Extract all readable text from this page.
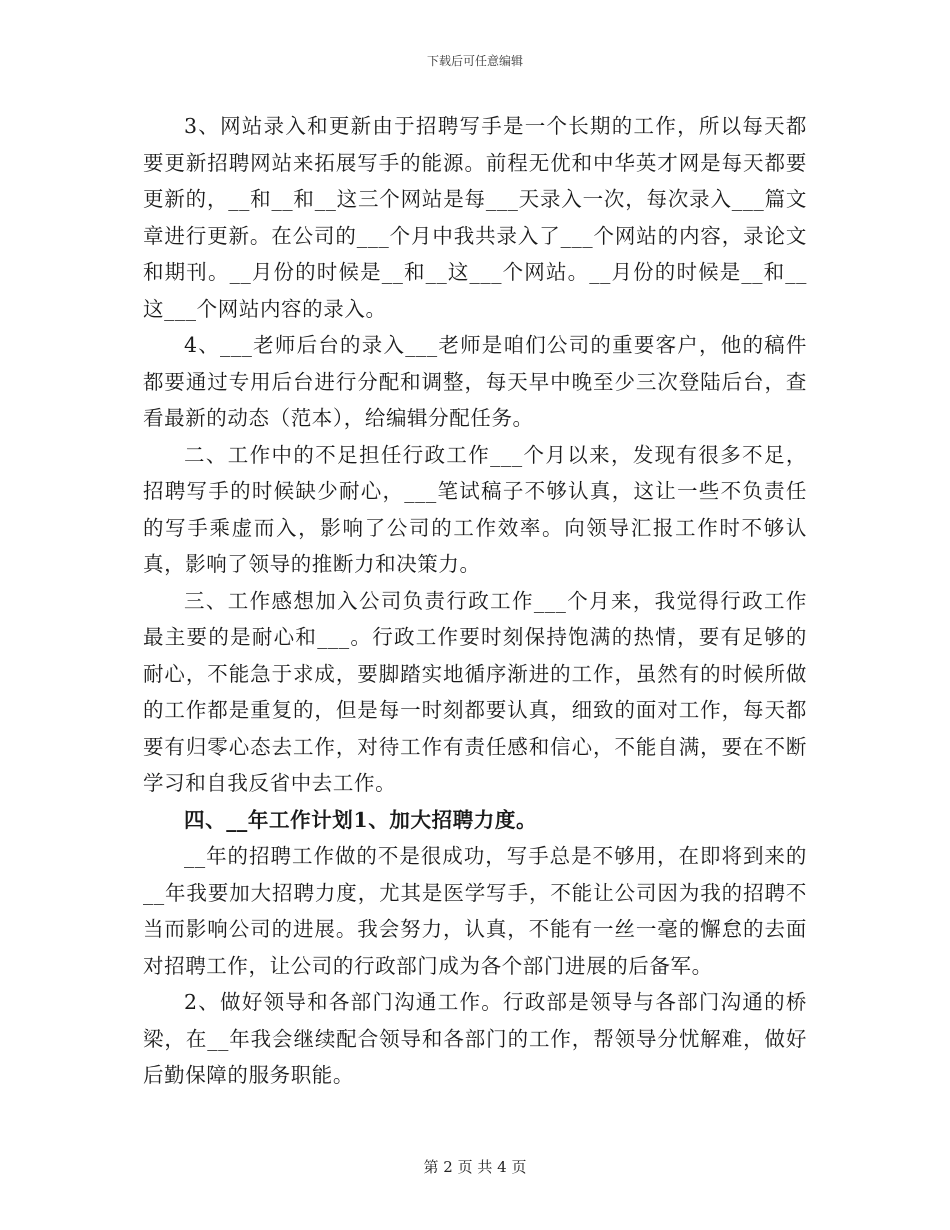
下载后可任意编辑

3、网站录入和更新由于招聘写手是一个长期的工作，所以每天都要更新招聘网站来拓展写手的能源。前程无优和中华英才网是每天都要更新的，__和__和__这三个网站是每___天录入一次，每次录入___篇文章进行更新。在公司的___个月中我共录入了___个网站的内容，录论文和期刊。__月份的时候是__和__这___个网站。__月份的时候是__和__这___个网站内容的录入。

4、___老师后台的录入___老师是咱们公司的重要客户，他的稿件都要通过专用后台进行分配和调整，每天早中晚至少三次登陆后台，查看最新的动态（范本），给编辑分配任务。

二、工作中的不足担任行政工作___个月以来，发现有很多不足，招聘写手的时候缺少耐心，___笔试稿子不够认真，这让一些不负责任的写手乘虚而入，影响了公司的工作效率。向领导汇报工作时不够认真，影响了领导的推断力和决策力。

三、工作感想加入公司负责行政工作___个月来，我觉得行政工作最主要的是耐心和___。行政工作要时刻保持饱满的热情，要有足够的耐心，不能急于求成，要脚踏实地循序渐进的工作，虽然有的时候所做的工作都是重复的，但是每一时刻都要认真，细致的面对工作，每天都要有归零心态去工作，对待工作有责任感和信心，不能自满，要在不断学习和自我反省中去工作。

四、__年工作计划1、加大招聘力度。

__年的招聘工作做的不是很成功，写手总是不够用，在即将到来的__年我要加大招聘力度，尤其是医学写手，不能让公司因为我的招聘不当而影响公司的进展。我会努力，认真，不能有一丝一毫的懈怠的去面对招聘工作，让公司的行政部门成为各个部门进展的后备军。

2、做好领导和各部门沟通工作。行政部是领导与各部门沟通的桥梁，在__年我会继续配合领导和各部门的工作，帮领导分忧解难，做好后勤保障的服务职能。

第 2 页 共 4 页
